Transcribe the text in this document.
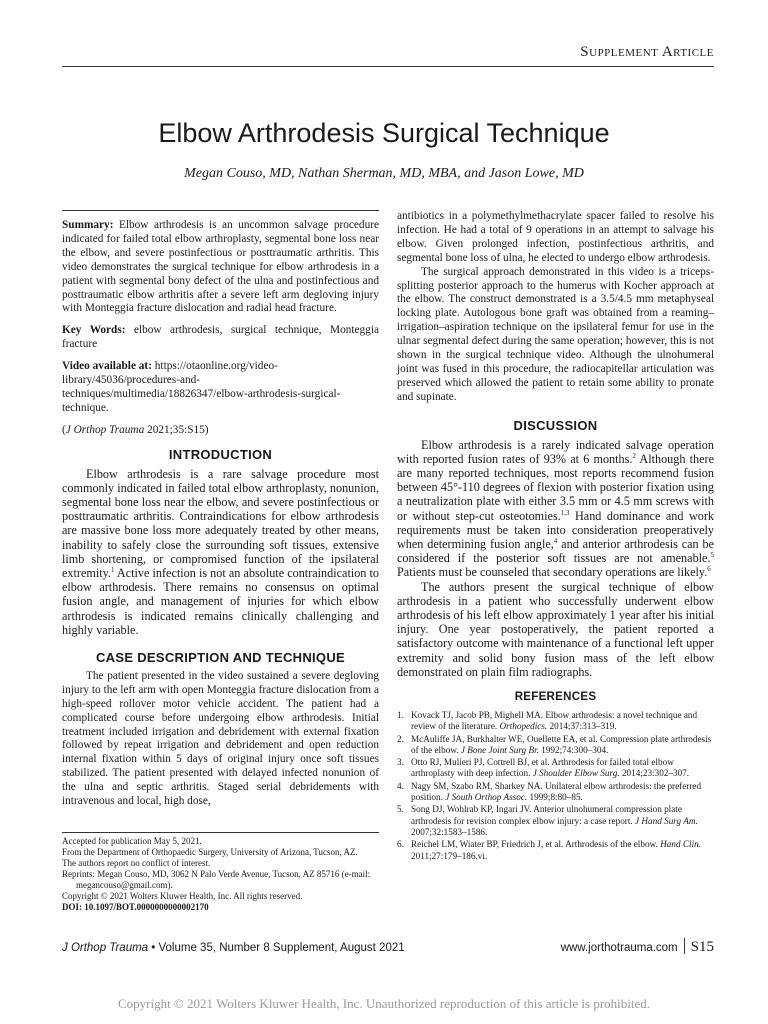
Supplement Article
Elbow Arthrodesis Surgical Technique
Megan Couso, MD, Nathan Sherman, MD, MBA, and Jason Lowe, MD

Summary: Elbow arthrodesis is an uncommon salvage procedure indicated for failed total elbow arthroplasty, segmental bone loss near the elbow, and severe postinfectious or posttraumatic arthritis. This video demonstrates the surgical technique for elbow arthrodesis in a patient with segmental bony defect of the ulna and postinfectious and posttraumatic elbow arthritis after a severe left arm degloving injury with Monteggia fracture dislocation and radial head fracture.

Key Words: elbow arthrodesis, surgical technique, Monteggia fracture

Video available at: https://otaonline.org/video-library/45036/procedures-and-techniques/multimedia/18826347/elbow-arthrodesis-surgical-technique.

(J Orthop Trauma 2021;35:S15)

INTRODUCTION

Elbow arthrodesis is a rare salvage procedure most commonly indicated in failed total elbow arthroplasty, nonunion, segmental bone loss near the elbow, and severe postinfectious or posttraumatic arthritis. Contraindications for elbow arthrodesis are massive bone loss more adequately treated by other means, inability to safely close the surrounding soft tissues, extensive limb shortening, or compromised function of the ipsilateral extremity.$^1$ Active infection is not an absolute contraindication to elbow arthrodesis. There remains no consensus on optimal fusion angle, and management of injuries for which elbow arthrodesis is indicated remains clinically challenging and highly variable.

CASE DESCRIPTION AND TECHNIQUE

The patient presented in the video sustained a severe degloving injury to the left arm with open Monteggia fracture dislocation from a high-speed rollover motor vehicle accident. The patient had a complicated course before undergoing elbow arthrodesis. Initial treatment included irrigation and debridement with external fixation followed by repeat irrigation and debridement and open reduction internal fixation within 5 days of original injury once soft tissues stabilized. The patient presented with delayed infected nonunion of the ulna and septic arthritis. Staged serial debridements with intravenous and local, high dose,

antibiotics in a polymethylmethacrylate spacer failed to resolve his infection. He had a total of 9 operations in an attempt to salvage his elbow. Given prolonged infection, postinfectious arthritis, and segmental bone loss of ulna, he elected to undergo elbow arthrodesis.

The surgical approach demonstrated in this video is a triceps-splitting posterior approach to the humerus with Kocher approach at the elbow. The construct demonstrated is a 3.5/4.5 mm metaphyseal locking plate. Autologous bone graft was obtained from a reaming–irrigation–aspiration technique on the ipsilateral femur for use in the ulnar segmental defect during the same operation; however, this is not shown in the surgical technique video. Although the ulnohumeral joint was fused in this procedure, the radiocapitellar articulation was preserved which allowed the patient to retain some ability to pronate and supinate.

DISCUSSION

Elbow arthrodesis is a rarely indicated salvage operation with reported fusion rates of 93% at 6 months.$^2$ Although there are many reported techniques, most reports recommend fusion between 45°-110 degrees of flexion with posterior fixation using a neutralization plate with either 3.5 mm or 4.5 mm screws with or without step-cut osteotomies.$^{1,3}$ Hand dominance and work requirements must be taken into consideration preoperatively when determining fusion angle,$^4$ and anterior arthrodesis can be considered if the posterior soft tissues are not amenable.$^5$ Patients must be counseled that secondary operations are likely.$^6$

The authors present the surgical technique of elbow arthrodesis in a patient who successfully underwent elbow arthrodesis of his left elbow approximately 1 year after his initial injury. One year postoperatively, the patient reported a satisfactory outcome with maintenance of a functional left upper extremity and solid bony fusion mass of the left elbow demonstrated on plain film radiographs.

REFERENCES
1. Kovack TJ, Jacob PB, Mighell MA. Elbow arthrodesis: a novel technique and review of the literature. Orthopedics. 2014;37:313–319.
2. McAuliffe JA, Burkhalter WE, Ouellette EA, et al. Compression plate arthrodesis of the elbow. J Bone Joint Surg Br. 1992;74:300–304.
3. Otto RJ, Mulieri PJ, Cottrell BJ, et al. Arthrodesis for failed total elbow arthroplasty with deep infection. J Shoulder Elbow Surg. 2014;23:302–307.
4. Nagy SM, Szabo RM, Sharkey NA. Unilateral elbow arthrodesis: the preferred position. J South Orthop Assoc. 1999;8:80–85.
5. Song DJ, Wohlrab KP, Ingari JV. Anterior ulnohumeral compression plate arthrodesis for revision complex elbow injury: a case report. J Hand Surg Am. 2007;32:1583–1586.
6. Reichel LM, Wiater BP, Friedrich J, et al. Arthrodesis of the elbow. Hand Clin. 2011;27:179–186.vi.
Accepted for publication May 5, 2021.
From the Department of Orthopaedic Surgery, University of Arizona, Tucson, AZ.
The authors report no conflict of interest.
Reprints: Megan Couso, MD, 3062 N Palo Verde Avenue, Tucson, AZ 85716 (e-mail: megancouso@gmail.com).
Copyright © 2021 Wolters Kluwer Health, Inc. All rights reserved.
DOI: 10.1097/BOT.0000000000002170
J Orthop Trauma • Volume 35, Number 8 Supplement, August 2021	www.jorthotrauma.com S15
Copyright © 2021 Wolters Kluwer Health, Inc. Unauthorized reproduction of this article is prohibited.
